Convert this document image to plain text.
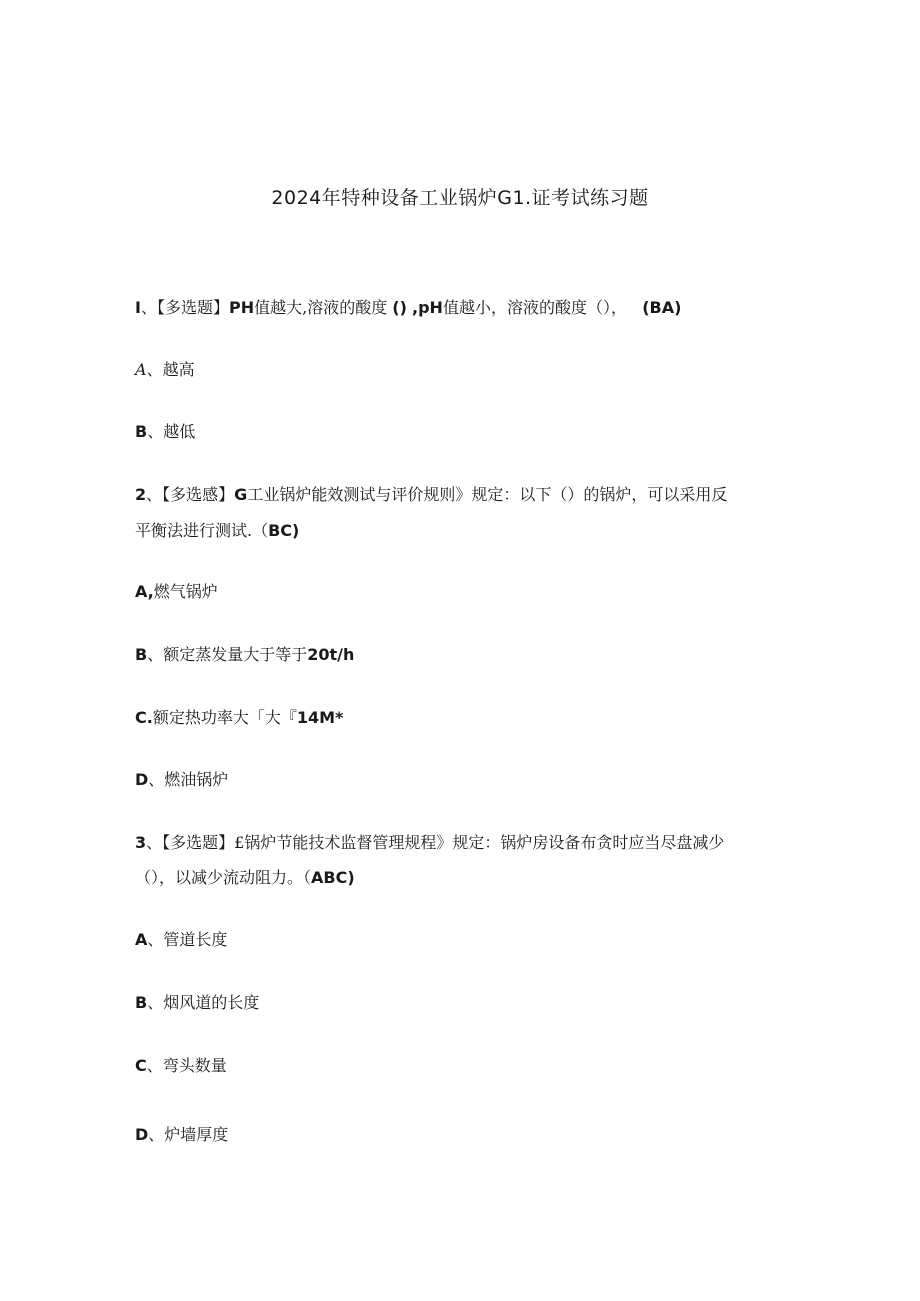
2024年特种设备工业锅炉G1.证考试练习题
I、【多选题】PH值越大,溶液的酸度 () ,pH值越小，溶液的酸度（）， (BA)
A、越高
B、越低
2、【多选感】G工业锅炉能效测试与评价规则》规定：以下（）的锅炉，可以采用反
平衡法进行测试.（BC)
A,燃气锅炉
B、额定蒸发量大于等于20t/h
C.额定热功率大「大『14M*
D、燃油锅炉
3、【多选题】£锅炉节能技术监督管理规程》规定：锅炉房设备布贪时应当尽盘减少
（），以减少流动阻力。（ABC)
A、管道长度
B、烟风道的长度
C、弯头数量
D、炉墙厚度
